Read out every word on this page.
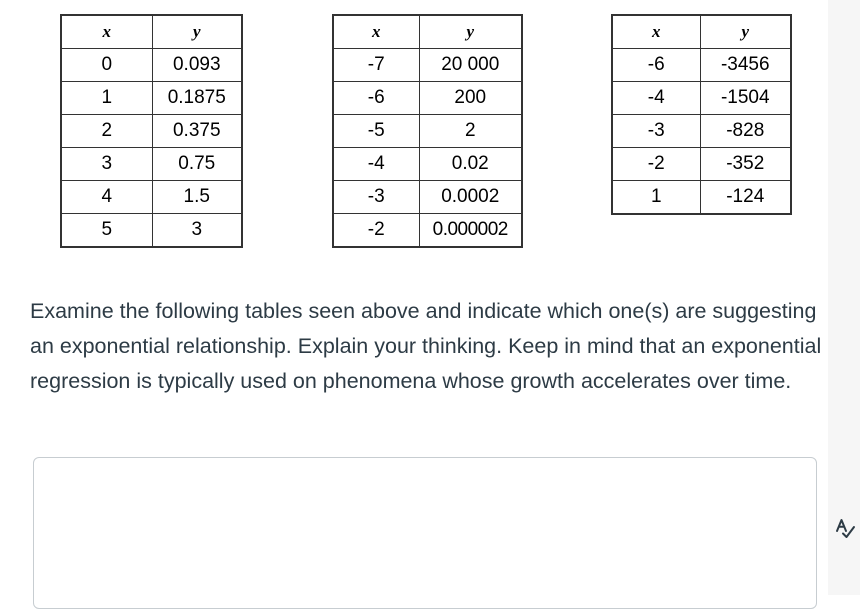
x	y
0	0.093
1	0.1875
2	0.375
3	0.75
4	1.5
5	3
x	y
-7	20 000
-6	200
-5	2
-4	0.02
-3	0.0002
-2	0.000002
x	y
-6	-3456
-4	-1504
-3	-828
-2	-352
1	-124

Examine the following tables seen above and indicate which one(s) are suggesting an exponential relationship. Explain your thinking. Keep in mind that an exponential regression is typically used on phenomena whose growth accelerates over time.
